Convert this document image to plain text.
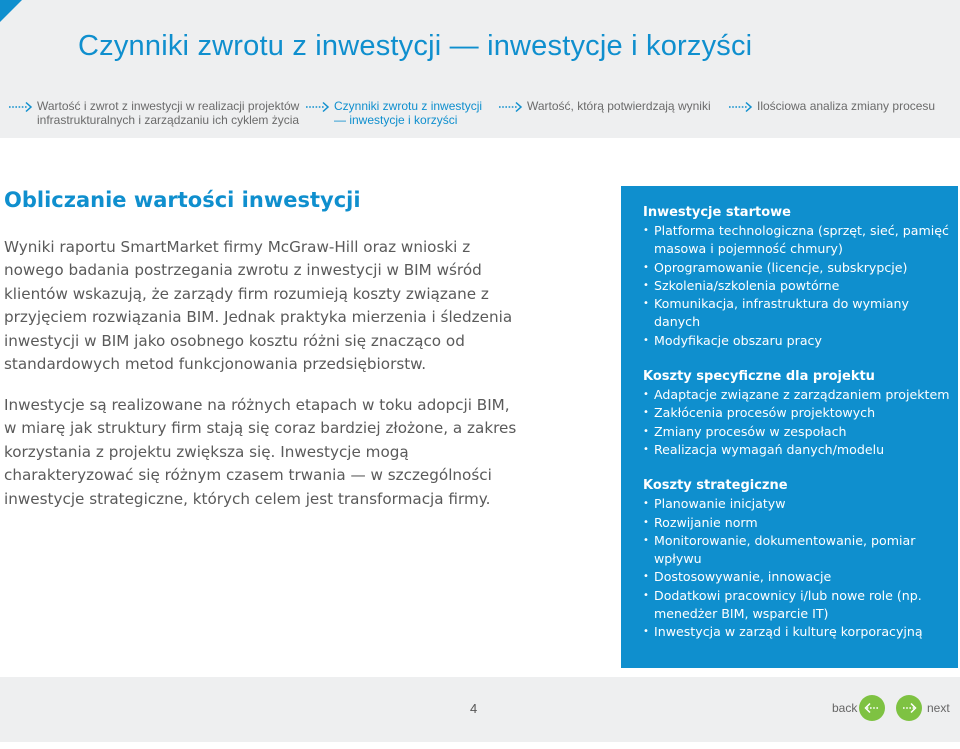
Czynniki zwrotu z inwestycji — inwestycje i korzyści
Wartość i zwrot z inwestycji w realizacji projektów
infrastrukturalnych i zarządzaniu ich cyklem życia
Czynniki zwrotu z inwestycji
— inwestycje i korzyści
Wartość, którą potwierdzają wyniki	Ilościowa analiza zmiany procesu
Obliczanie wartości inwestycji

Wyniki raportu SmartMarket firmy McGraw-Hill oraz wnioski z nowego badania postrzegania zwrotu z inwestycji w BIM wśród klientów wskazują, że zarządy firm rozumieją koszty związane z przyjęciem rozwiązania BIM. Jednak praktyka mierzenia i śledzenia inwestycji w BIM jako osobnego kosztu różni się znacząco od standardowych metod funkcjonowania przedsiębiorstw.

Inwestycje są realizowane na różnych etapach w toku adopcji BIM, w miarę jak struktury firm stają się coraz bardziej złożone, a zakres korzystania z projektu zwiększa się. Inwestycje mogą charakteryzować się różnym czasem trwania — w szczególności inwestycje strategiczne, których celem jest transformacja firmy.

Inwestycje startowe
• Platforma technologiczna (sprzęt, sieć, pamięć masowa i pojemność chmury)
• Oprogramowanie (licencje, subskrypcje)
• Szkolenia/szkolenia powtórne
• Komunikacja, infrastruktura do wymiany danych
• Modyfikacje obszaru pracy
Koszty specyficzne dla projektu
• Adaptacje związane z zarządzaniem projektem
• Zakłócenia procesów projektowych
• Zmiany procesów w zespołach
• Realizacja wymagań danych/modelu
Koszty strategiczne
• Planowanie inicjatyw
• Rozwijanie norm
• Monitorowanie, dokumentowanie, pomiar wpływu
• Dostosowywanie, innowacje
• Dodatkowi pracownicy i/lub nowe role (np. menedżer BIM, wsparcie IT)
• Inwestycja w zarząd i kulturę korporacyjną
4	back	next
